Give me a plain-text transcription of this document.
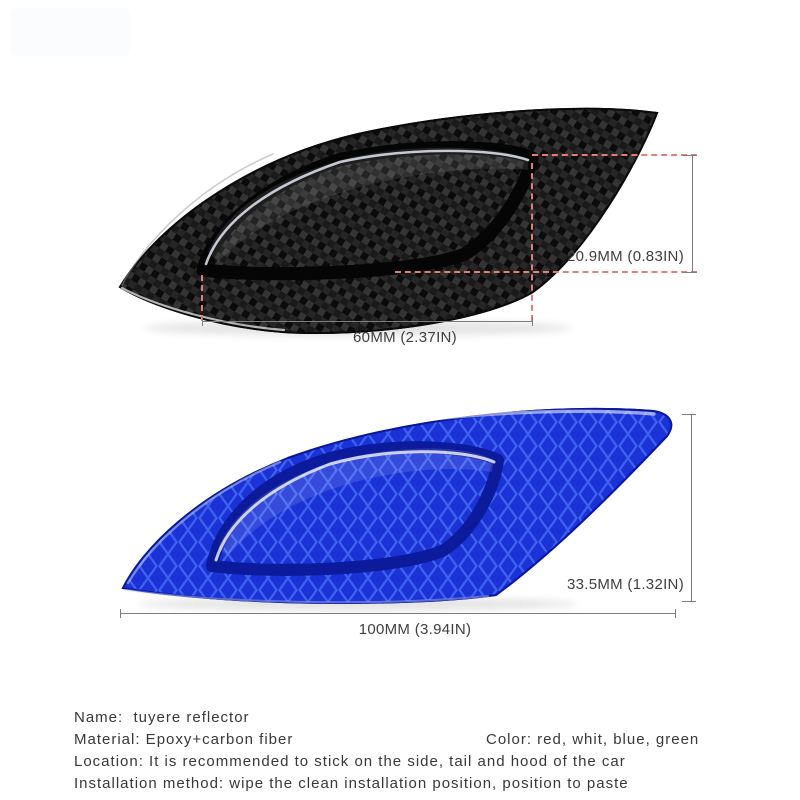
60MM (2.37IN)
20.9MM (0.83IN)
33.5MM (1.32IN)
100MM (3.94IN)
Name:  tuyere reflector
Material: Epoxy+carbon fiber	Color: red, whit, blue, green
Location: It is recommended to stick on the side, tail and hood of the car
Installation method: wipe the clean installation position, position to paste
